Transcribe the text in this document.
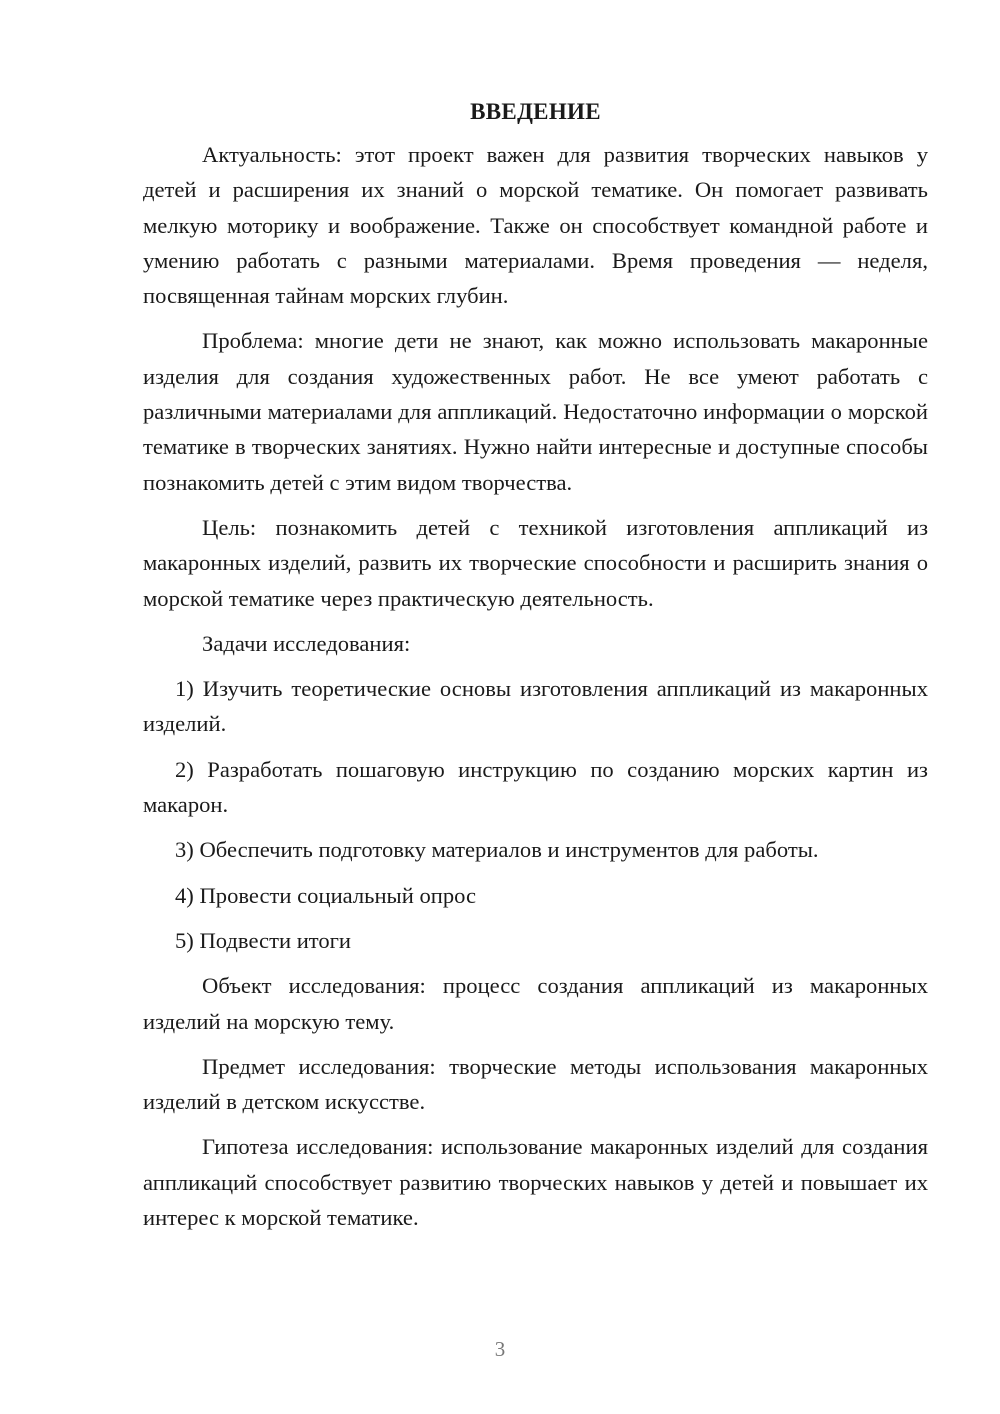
ВВЕДЕНИЕ

Актуальность: этот проект важен для развития творческих навыков у детей и расширения их знаний о морской тематике. Он помогает развивать мелкую моторику и воображение. Также он способствует командной работе и умению работать с разными материалами. Время проведения — неделя, посвященная тайнам морских глубин.

Проблема: многие дети не знают, как можно использовать макаронные изделия для создания художественных работ. Не все умеют работать с различными материалами для аппликаций. Недостаточно информации о морской тематике в творческих занятиях. Нужно найти интересные и доступные способы познакомить детей с этим видом творчества.

Цель: познакомить детей с техникой изготовления аппликаций из макаронных изделий, развить их творческие способности и расширить знания о морской тематике через практическую деятельность.

Задачи исследования:

1) Изучить теоретические основы изготовления аппликаций из макаронных изделий.

2) Разработать пошаговую инструкцию по созданию морских картин из макарон.

3) Обеспечить подготовку материалов и инструментов для работы.

4) Провести социальный опрос

5) Подвести итоги

Объект исследования: процесс создания аппликаций из макаронных изделий на морскую тему.

Предмет исследования: творческие методы использования макаронных изделий в детском искусстве.

Гипотеза исследования: использование макаронных изделий для создания аппликаций способствует развитию творческих навыков у детей и повышает их интерес к морской тематике.

3
